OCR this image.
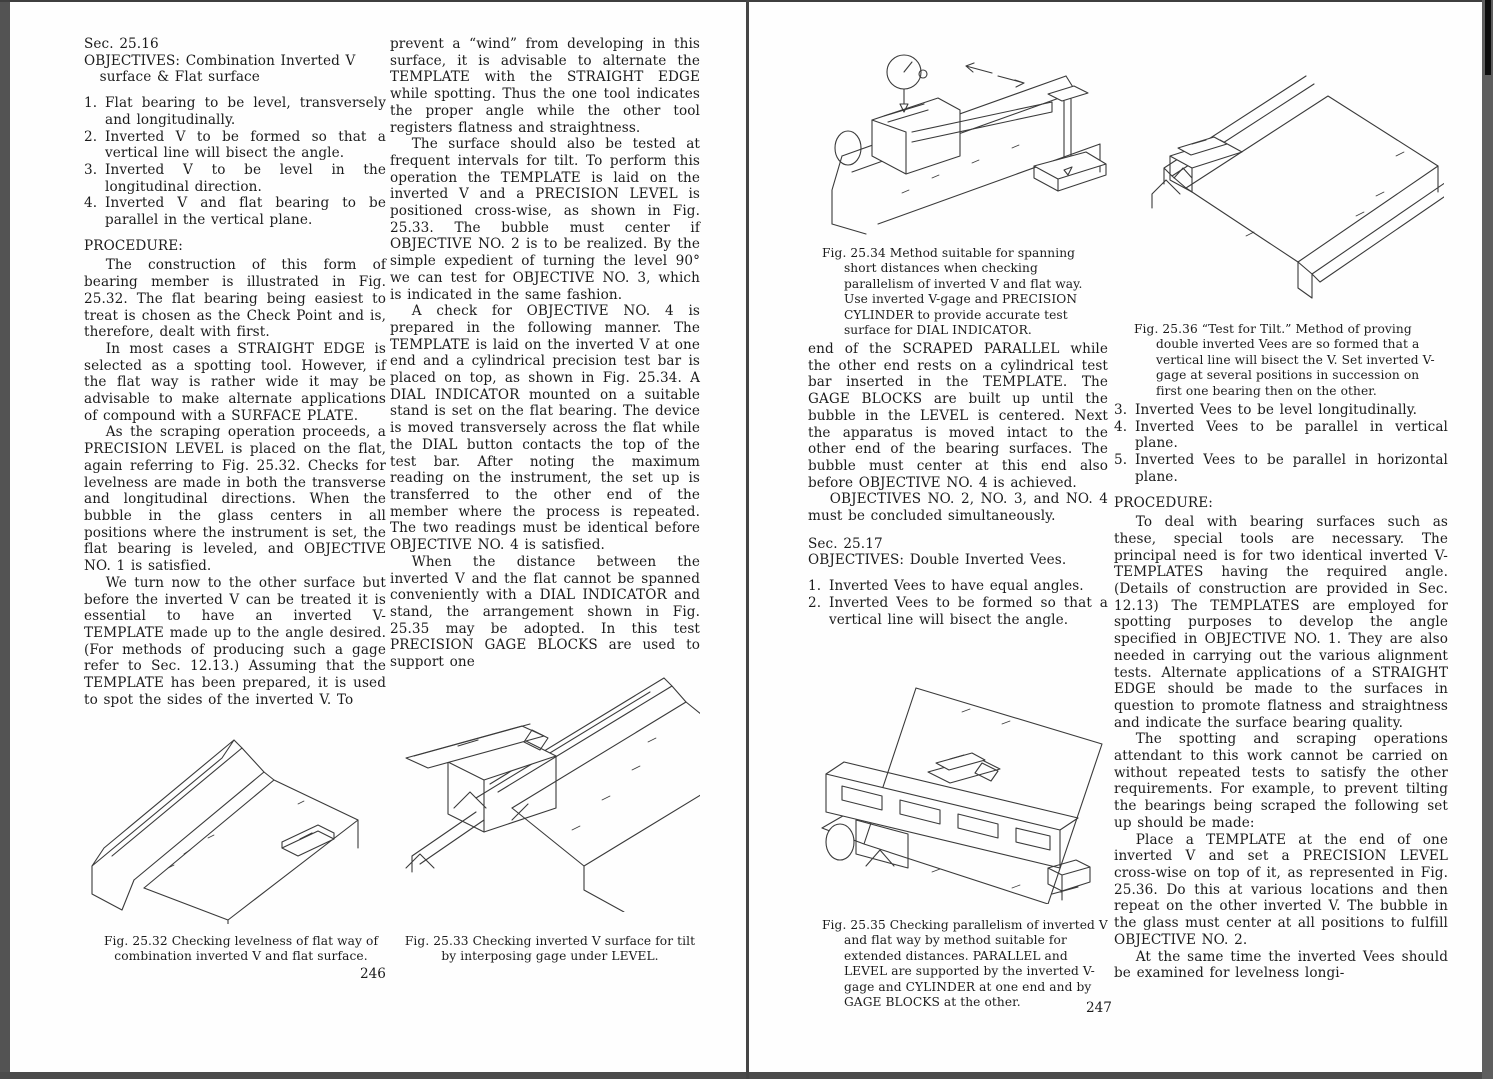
Sec. 25.16
OBJECTIVES: Combination Inverted V surface & Flat surface
1. Flat bearing to be level, transversely and longitudinally.
2. Inverted V to be formed so that a vertical line will bisect the angle.
3. Inverted V to be level in the longitudinal direction.
4. Inverted V and flat bearing to be parallel in the vertical plane.
PROCEDURE:

The construction of this form of bearing member is illustrated in Fig. 25.32. The flat bearing being easiest to treat is chosen as the Check Point and is, therefore, dealt with first.

In most cases a STRAIGHT EDGE is selected as a spotting tool. However, if the flat way is rather wide it may be advisable to make alternate applications of compound with a SURFACE PLATE.

As the scraping operation proceeds, a PRECISION LEVEL is placed on the flat, again referring to Fig. 25.32. Checks for levelness are made in both the transverse and longitudinal directions. When the bubble in the glass centers in all positions where the instrument is set, the flat bearing is leveled, and OBJECTIVE NO. 1 is satisfied.

We turn now to the other surface but before the inverted V can be treated it is essential to have an inverted V-TEMPLATE made up to the angle desired. (For methods of producing such a gage refer to Sec. 12.13.) Assuming that the TEMPLATE has been prepared, it is used to spot the sides of the inverted V. To

prevent a “wind” from developing in this surface, it is advisable to alternate the TEMPLATE with the STRAIGHT EDGE while spotting. Thus the one tool indicates the proper angle while the other tool registers flatness and straightness.

The surface should also be tested at frequent intervals for tilt. To perform this operation the TEMPLATE is laid on the inverted V and a PRECISION LEVEL is positioned cross-wise, as shown in Fig. 25.33. The bubble must center if OBJECTIVE NO. 2 is to be realized. By the simple expedient of turning the level 90° we can test for OBJECTIVE NO. 3, which is indicated in the same fashion.

A check for OBJECTIVE NO. 4 is prepared in the following manner. The TEMPLATE is laid on the inverted V at one end and a cylindrical precision test bar is placed on top, as shown in Fig. 25.34. A DIAL INDICATOR mounted on a suitable stand is set on the flat bearing. The device is moved transversely across the flat while the DIAL button contacts the top of the test bar. After noting the maximum reading on the instrument, the set up is transferred to the other end of the member where the process is repeated. The two readings must be identical before OBJECTIVE NO. 4 is satisfied.

When the distance between the inverted V and the flat cannot be spanned conveniently with a DIAL INDICATOR and stand, the arrangement shown in Fig. 25.35 may be adopted. In this test PRECISION GAGE BLOCKS are used to support one

Fig. 25.32 Checking levelness of flat way of combination inverted V and flat surface.
Fig. 25.33 Checking inverted V surface for tilt by interposing gage under LEVEL.
246
Fig. 25.34 Method suitable for spanning short distances when checking parallelism of inverted V and flat way. Use inverted V-gage and PRECISION CYLINDER to provide accurate test surface for DIAL INDICATOR.

end of the SCRAPED PARALLEL while the other end rests on a cylindrical test bar inserted in the TEMPLATE. The GAGE BLOCKS are built up until the bubble in the LEVEL is centered. Next the apparatus is moved intact to the other end of the bearing surfaces. The bubble must center at this end also before OBJECTIVE NO. 4 is achieved.

OBJECTIVES NO. 2, NO. 3, and NO. 4 must be concluded simultaneously.

Sec. 25.17
OBJECTIVES: Double Inverted Vees.
1. Inverted Vees to have equal angles.
2. Inverted Vees to be formed so that a vertical line will bisect the angle.
Fig. 25.35 Checking parallelism of inverted V and flat way by method suitable for extended distances. PARALLEL and LEVEL are supported by the inverted V-gage and CYLINDER at one end and by GAGE BLOCKS at the other.	247
Fig. 25.36 “Test for Tilt.” Method of proving double inverted Vees are so formed that a vertical line will bisect the V. Set inverted V-gage at several positions in succession on first one bearing then on the other.
3. Inverted Vees to be level longitudinally.
4. Inverted Vees to be parallel in vertical plane.
5. Inverted Vees to be parallel in horizontal plane.
PROCEDURE:

To deal with bearing surfaces such as these, special tools are necessary. The principal need is for two identical inverted V-TEMPLATES having the required angle. (Details of construction are provided in Sec. 12.13) The TEMPLATES are employed for spotting purposes to develop the angle specified in OBJECTIVE NO. 1. They are also needed in carrying out the various alignment tests. Alternate applications of a STRAIGHT EDGE should be made to the surfaces in question to promote flatness and straightness and indicate the surface bearing quality.

The spotting and scraping operations attendant to this work cannot be carried on without repeated tests to satisfy the other requirements. For example, to prevent tilting the bearings being scraped the following set up should be made:

Place a TEMPLATE at the end of one inverted V and set a PRECISION LEVEL cross-wise on top of it, as represented in Fig. 25.36. Do this at various locations and then repeat on the other inverted V. The bubble in the glass must center at all positions to fulfill OBJECTIVE NO. 2.

At the same time the inverted Vees should be examined for levelness longi-
